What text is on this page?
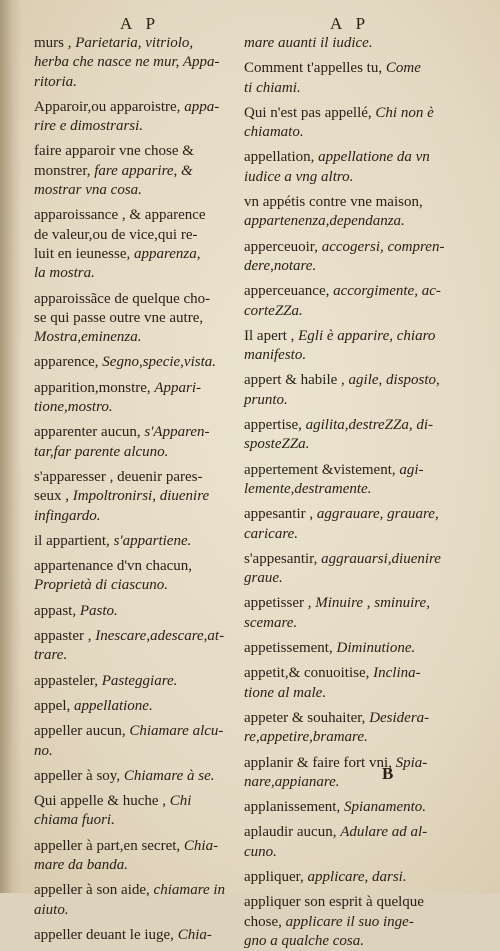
A P	A P
murs , Parietaria, vitriolo,
herba che nasce ne mur, Appa-
ritoria.
Apparoir,ou apparoistre, appa-
rire e dimostrarsi.
faire apparoir vne chose &
monstrer, fare apparire, &
mostrar vna cosa.
apparoissance , & apparence
de valeur,ou de vice,qui re-
luit en ieunesse, apparenza,
la mostra.
apparoissãce de quelque cho-
se qui passe outre vne autre,
Mostra,eminenza.
apparence, Segno,specie,vista.
apparition,monstre, Appari-
tione,mostro.
apparenter aucun, s'Apparen-
tar,far parente alcuno.
s'apparesser , deuenir pares-
seux , Impoltronirsi, diuenire
infingardo.
il appartient, s'appartiene.
appartenance d'vn chacun,
Proprietà di ciascuno.
appast, Pasto.
appaster , Inescare,adescare,at-
trare.
appasteler, Pasteggiare.
appel, appellatione.
appeller aucun, Chiamare alcu-
no.
appeller à soy, Chiamare à se.
Qui appelle & huche , Chi
chiama fuori.
appeller à part,en secret, Chia-
mare da banda.
appeller à son aide, chiamare in
aiuto.
appeller deuant le iuge, Chia-
mare auanti il iudice.
Comment t'appelles tu, Come
ti chiami.
Qui n'est pas appellé, Chi non è
chiamato.
appellation, appellatione da vn
iudice a vng altro.
vn appétis contre vne maison,
appartenenza,dependanza.
apperceuoir, accogersi, compren-
dere,notare.
apperceuance, accorgimente, ac-
corteZZa.
Il apert , Egli è apparire, chiaro
manifesto.
appert & habile , agile, disposto,
prunto.
appertise, agilita,destreZZa, di-
sposteZZa.
appertement &vistement, agi-
lemente,destramente.
appesantir , aggrauare, grauare,
caricare.
s'appesantir, aggrauarsi,diuenire
graue.
appetisser , Minuire , sminuire,
scemare.
appetissement, Diminutione.
appetit,& conuoitise, Inclina-
tione al male.
appeter & souhaiter, Desidera-
re,appetire,bramare.
applanir & faire fort vni, Spia-
nare,appianare.
applanissement, Spianamento.
aplaudir aucun, Adulare ad al-
cuno.
appliquer, applicare, darsi.
appliquer son esprit à quelque
chose, applicare il suo inge-
gno a qualche cosa.
B
